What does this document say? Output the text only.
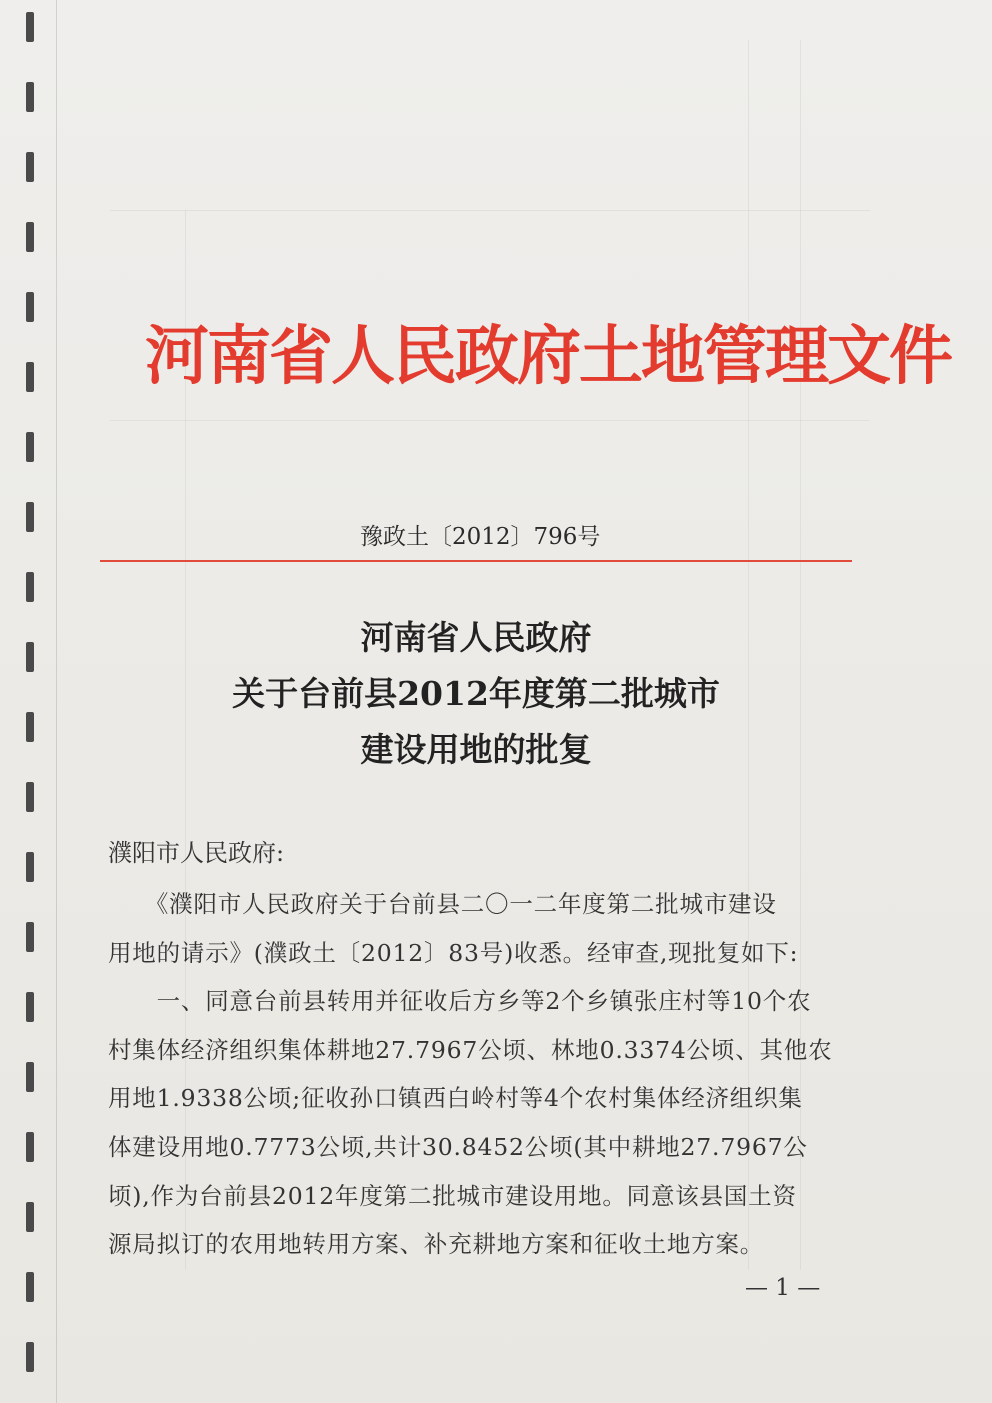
河南省人民政府土地管理文件
豫政土〔2012〕796号
河南省人民政府
关于台前县2012年度第二批城市
建设用地的批复
濮阳市人民政府:
　　《濮阳市人民政府关于台前县二〇一二年度第二批城市建设
用地的请示》(濮政土〔2012〕83号)收悉。经审查,现批复如下:
　　一、同意台前县转用并征收后方乡等2个乡镇张庄村等10个农
村集体经济组织集体耕地27.7967公顷、林地0.3374公顷、其他农
用地1.9338公顷;征收孙口镇西白岭村等4个农村集体经济组织集
体建设用地0.7773公顷,共计30.8452公顷(其中耕地27.7967公
顷),作为台前县2012年度第二批城市建设用地。同意该县国土资
源局拟订的农用地转用方案、补充耕地方案和征收土地方案。
— 1 —
